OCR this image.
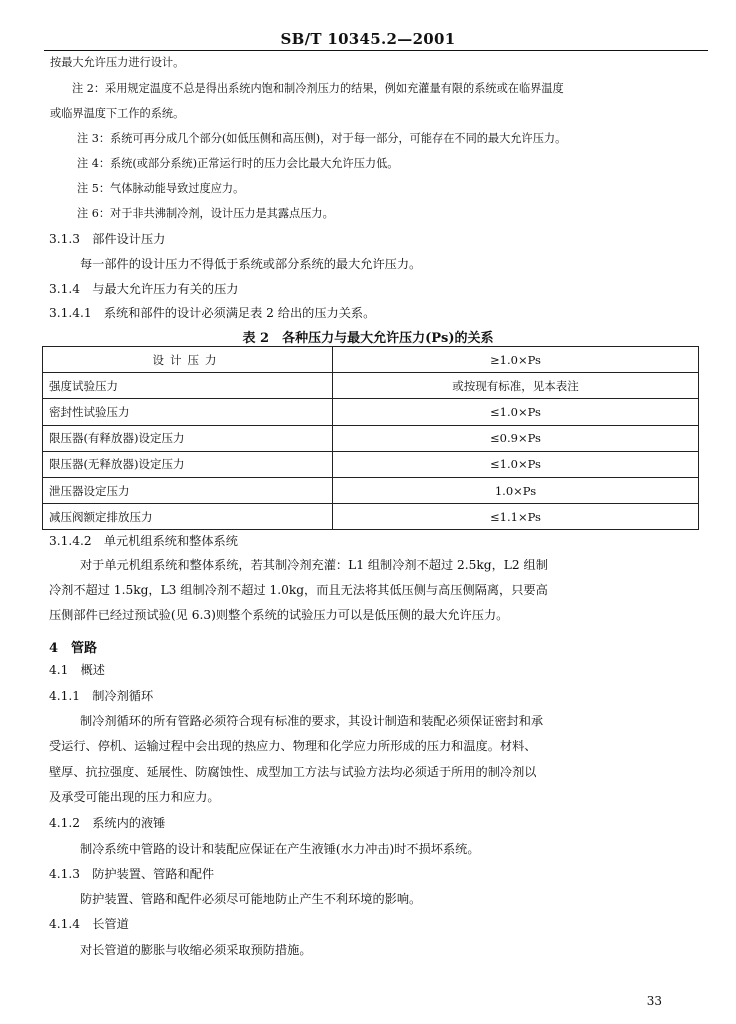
SB/T 10345.2—2001
按最大允许压力进行设计。
注 2：采用规定温度不总是得出系统内饱和制冷剂压力的结果，例如充灌量有限的系统或在临界温度
或临界温度下工作的系统。
注 3：系统可再分成几个部分(如低压侧和高压侧)，对于每一部分，可能存在不同的最大允许压力。
注 4：系统(或部分系统)正常运行时的压力会比最大允许压力低。
注 5：气体脉动能导致过度应力。
注 6：对于非共沸制冷剂，设计压力是其露点压力。
3.1.3　部件设计压力
每一部件的设计压力不得低于系统或部分系统的最大允许压力。
3.1.4　与最大允许压力有关的压力
3.1.4.1　系统和部件的设计必须满足表 2 给出的压力关系。
表 2　各种压力与最大允许压力(Ps)的关系
设计压力	≥1.0×Ps
强度试验压力	或按现有标准，见本表注
密封性试验压力	≤1.0×Ps
限压器(有释放器)设定压力	≤0.9×Ps
限压器(无释放器)设定压力	≤1.0×Ps
泄压器设定压力	1.0×Ps
减压阀额定排放压力	≤1.1×Ps
3.1.4.2　单元机组系统和整体系统
对于单元机组系统和整体系统，若其制冷剂充灌：L1 组制冷剂不超过 2.5kg，L2 组制
冷剂不超过 1.5kg，L3 组制冷剂不超过 1.0kg，而且无法将其低压侧与高压侧隔离，只要高
压侧部件已经过预试验(见 6.3)则整个系统的试验压力可以是低压侧的最大允许压力。
4　管路
4.1　概述
4.1.1　制冷剂循环
制冷剂循环的所有管路必须符合现有标准的要求，其设计制造和装配必须保证密封和承
受运行、停机、运输过程中会出现的热应力、物理和化学应力所形成的压力和温度。材料、
壁厚、抗拉强度、延展性、防腐蚀性、成型加工方法与试验方法均必须适于所用的制冷剂以
及承受可能出现的压力和应力。
4.1.2　系统内的液锤
制冷系统中管路的设计和装配应保证在产生液锤(水力冲击)时不损坏系统。
4.1.3　防护装置、管路和配件
防护装置、管路和配件必须尽可能地防止产生不利环境的影响。
4.1.4　长管道
对长管道的膨胀与收缩必须采取预防措施。
33
